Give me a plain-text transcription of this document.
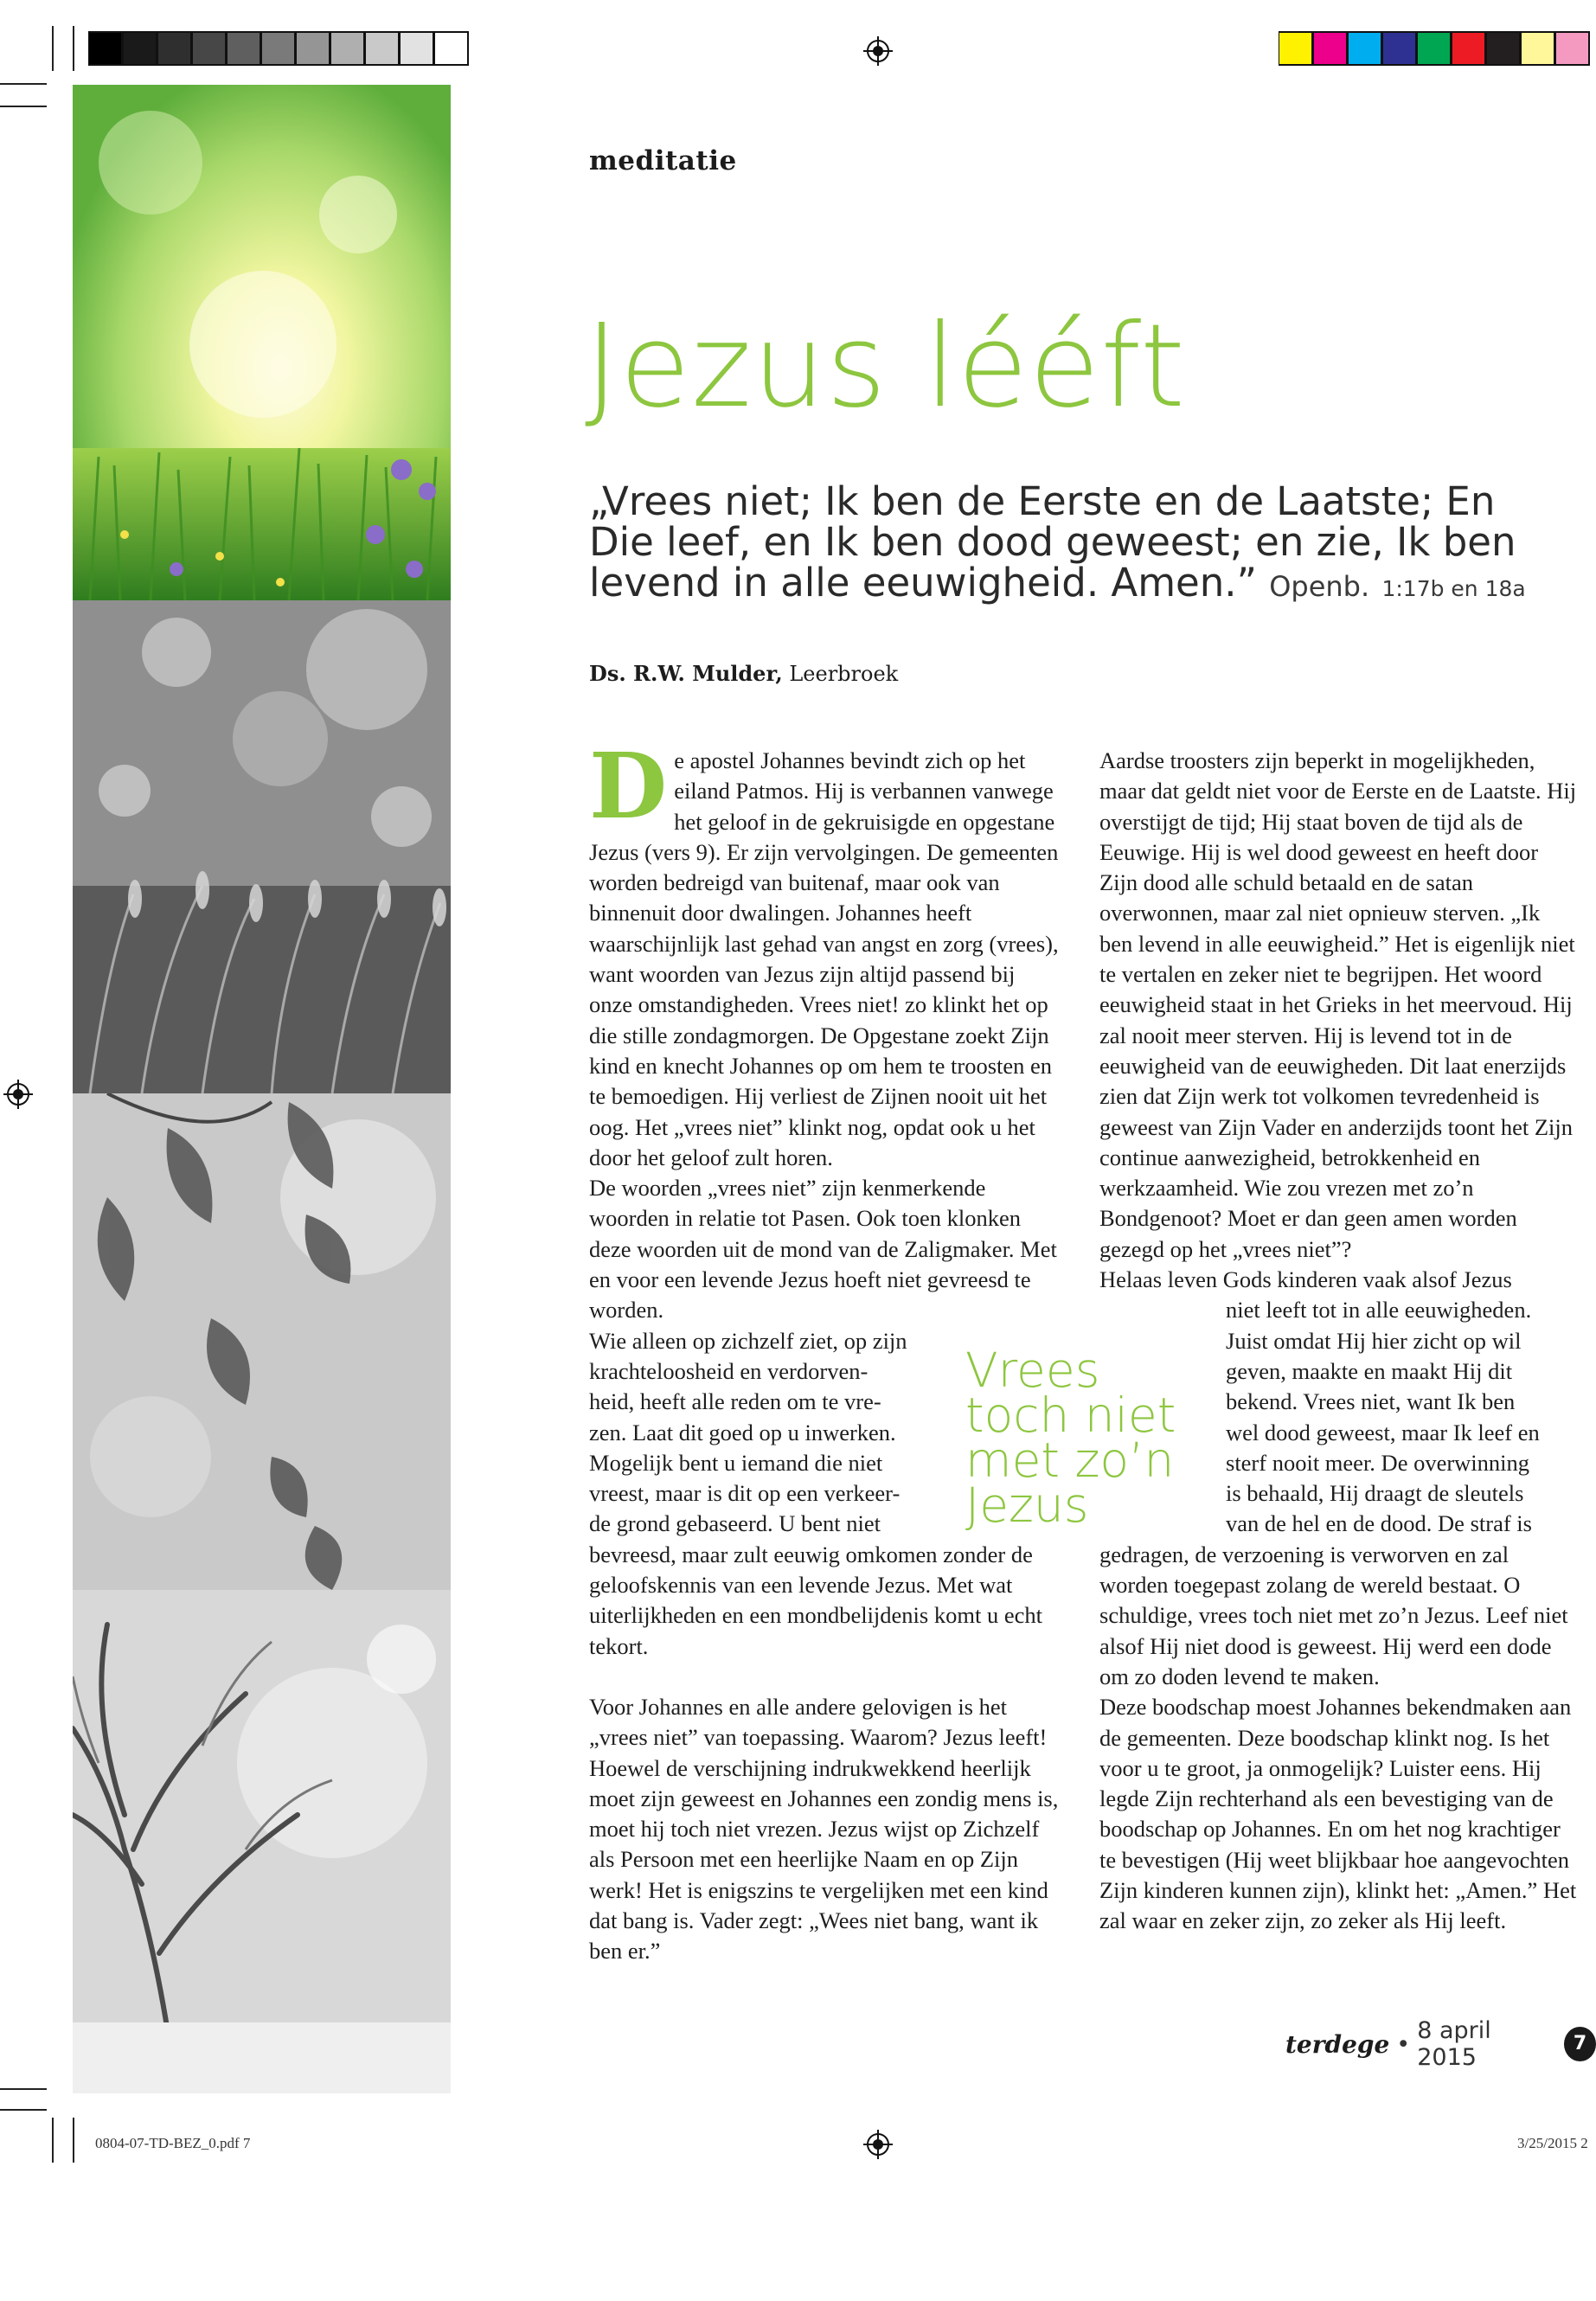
meditatie
Jezus lééft
„Vrees niet; Ik ben de Eerste en de Laatste; En Die leef, en Ik ben dood geweest; en zie, Ik ben levend in alle eeuwigheid. Amen.” Openb. 1:17b en 18a
Ds. R.W. Mulder, Leerbroek

De apostel Johannes bevindt zich op het eiland Patmos. Hij is verbannen vanwege het geloof in de gekruisigde en opgestane Jezus (vers 9). Er zijn vervolgingen. De gemeenten worden bedreigd van buitenaf, maar ook van binnenuit door dwalingen. Johannes heeft waarschijnlijk last gehad van angst en zorg (vrees), want woorden van Jezus zijn altijd passend bij onze omstandigheden. Vrees niet! zo klinkt het op die stille zondagmorgen. De Opgestane zoekt Zijn kind en knecht Johannes op om hem te troosten en te bemoedigen. Hij verliest de Zijnen nooit uit het oog. Het „vrees niet” klinkt nog, opdat ook u het door het geloof zult horen.

De woorden „vrees niet” zijn kenmerkende woorden in relatie tot Pasen. Ook toen klonken deze woorden uit de mond van de Zaligmaker. Met en voor een levende Jezus hoeft niet gevreesd te worden.

Wie alleen op zichzelf ziet, op zijn
krachteloosheid en verdorven-
heid, heeft alle reden om te vre-
zen. Laat dit goed op u inwerken.
Mogelijk bent u iemand die niet
vreest, maar is dit op een verkeer-
de grond gebaseerd. U bent niet

bevreesd, maar zult eeuwig omkomen zonder de geloofskennis van een levende Jezus. Met wat uiterlijkheden en een mondbelijdenis komt u echt tekort.

Voor Johannes en alle andere gelovigen is het „vrees niet” van toepassing. Waarom? Jezus leeft! Hoewel de verschijning indrukwekkend heerlijk moet zijn geweest en Johannes een zondig mens is, moet hij toch niet vrezen. Jezus wijst op Zichzelf als Persoon met een heerlijke Naam en op Zijn werk! Het is enigszins te vergelijken met een kind dat bang is. Vader zegt: „Wees niet bang, want ik ben er.”

Aardse troosters zijn beperkt in mogelijkheden, maar dat geldt niet voor de Eerste en de Laatste. Hij overstijgt de tijd; Hij staat boven de tijd als de Eeuwige. Hij is wel dood geweest en heeft door Zijn dood alle schuld betaald en de satan overwonnen, maar zal niet opnieuw sterven. „Ik ben levend in alle eeuwigheid.” Het is eigenlijk niet te vertalen en zeker niet te begrijpen. Het woord eeuwigheid staat in het Grieks in het meervoud. Hij zal nooit meer sterven. Hij is levend tot in de eeuwigheid van de eeuwigheden. Dit laat enerzijds zien dat Zijn werk tot volkomen tevredenheid is geweest van Zijn Vader en anderzijds toont het Zijn continue aanwezigheid, betrokkenheid en werkzaamheid. Wie zou vrezen met zo’n Bondgenoot? Moet er dan geen amen worden gezegd op het „vrees niet”?

Helaas leven Gods kinderen vaak alsof Jezus

niet leeft tot in alle eeuwigheden.
Juist omdat Hij hier zicht op wil
geven, maakte en maakt Hij dit
bekend. Vrees niet, want Ik ben
wel dood geweest, maar Ik leef en
sterf nooit meer. De overwinning
is behaald, Hij draagt de sleutels
van de hel en de dood. De straf is

gedragen, de verzoening is verworven en zal worden toegepast zolang de wereld bestaat. O schuldige, vrees toch niet met zo’n Jezus. Leef niet alsof Hij niet dood is geweest. Hij werd een dode om zo doden levend te maken.

Deze boodschap moest Johannes bekendmaken aan de gemeenten. Deze boodschap klinkt nog. Is het voor u te groot, ja onmogelijk? Luister eens. Hij legde Zijn rechterhand als een bevestiging van de boodschap op Johannes. En om het nog krachtiger te bevestigen (Hij weet blijkbaar hoe aangevochten Zijn kinderen kunnen zijn), klinkt het: „Amen.” Het zal waar en zeker zijn, zo zeker als Hij leeft.

Vrees
toch niet
met zo’n
Jezus
terdege • 8 april 2015
7
0804-07-TD-BEZ_0.pdf 7	3/25/2015 2
